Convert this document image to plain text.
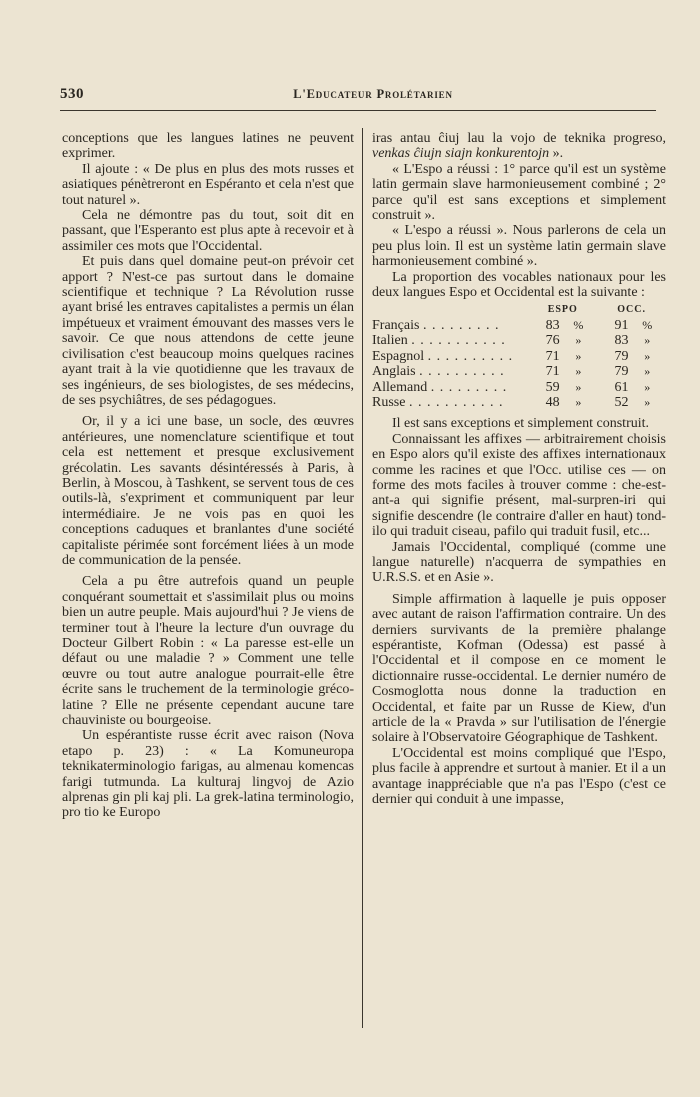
530	L'Educateur Prolétarien

conceptions que les langues latines ne peuvent exprimer.

Il ajoute : « De plus en plus des mots russes et asiatiques pénètreront en Espéranto et cela n'est que tout naturel ».

Cela ne démontre pas du tout, soit dit en passant, que l'Esperanto est plus apte à recevoir et à assimiler ces mots que l'Occidental.

Et puis dans quel domaine peut-on prévoir cet apport ? N'est-ce pas surtout dans le domaine scientifique et technique ? La Révolution russe ayant brisé les entraves capitalistes a permis un élan impétueux et vraiment émouvant des masses vers le savoir. Ce que nous attendons de cette jeune civilisation c'est beaucoup moins quelques racines ayant trait à la vie quotidienne que les travaux de ses ingénieurs, de ses biologistes, de ses médecins, de ses psychiâtres, de ses pédagogues.

Or, il y a ici une base, un socle, des œuvres antérieures, une nomenclature scientifique et tout cela est nettement et presque exclusivement grécolatin. Les savants désintéressés à Paris, à Berlin, à Moscou, à Tashkent, se servent tous de ces outils-là, s'expriment et communiquent par leur intermédiaire. Je ne vois pas en quoi les conceptions caduques et branlantes d'une société capitaliste périmée sont forcément liées à un mode de communication de la pensée.

Cela a pu être autrefois quand un peuple conquérant soumettait et s'assimilait plus ou moins bien un autre peuple. Mais aujourd'hui ? Je viens de terminer tout à l'heure la lecture d'un ouvrage du Docteur Gilbert Robin : « La paresse est-elle un défaut ou une maladie ? » Comment une telle œuvre ou tout autre analogue pourrait-elle être écrite sans le truchement de la terminologie gréco-latine ? Elle ne présente cependant aucune tare chauviniste ou bourgeoise.

Un espérantiste russe écrit avec raison (Nova etapo p. 23) : « La Komuneuropa teknikaterminologio farigas, au almenau komencas farigi tutmunda. La kulturaj lingvoj de Azio alprenas gin pli kaj pli. La grek-latina terminologio, pro tio ke Europo

iras antau ĉiuj lau la vojo de teknika progreso, venkas ĉiujn siajn konkurentojn ».

« L'Espo a réussi : 1° parce qu'il est un système latin germain slave harmonieusement combiné ; 2° parce qu'il est sans exceptions et simplement construit ».

« L'espo a réussi ». Nous parlerons de cela un peu plus loin. Il est un système latin germain slave harmonieusement combiné ».

La proportion des vocables nationaux pour les deux langues Espo et Occidental est la suivante :

	ESPO		OCC.	
Français . . . . . . . . .	83	%	91	%
Italien . . . . . . . . . . .	76	»	83	»
Espagnol . . . . . . . . . .	71	»	79	»
Anglais . . . . . . . . . .	71	»	79	»
Allemand . . . . . . . . .	59	»	61	»
Russe . . . . . . . . . . .	48	»	52	»

Il est sans exceptions et simplement construit.

Connaissant les affixes — arbitrairement choisis en Espo alors qu'il existe des affixes internationaux comme les racines et que l'Occ. utilise ces — on forme des mots faciles à trouver comme : che-est-ant-a qui signifie présent, mal-surpren-iri qui signifie descendre (le contraire d'aller en haut) tond-ilo qui traduit ciseau, pafilo qui traduit fusil, etc...

Jamais l'Occidental, compliqué (comme une langue naturelle) n'acquerra de sympathies en U.R.S.S. et en Asie ».

Simple affirmation à laquelle je puis opposer avec autant de raison l'affirmation contraire. Un des derniers survivants de la première phalange espérantiste, Kofman (Odessa) est passé à l'Occidental et il compose en ce moment le dictionnaire russe-occidental. Le dernier numéro de Cosmoglotta nous donne la traduction en Occidental, et faite par un Russe de Kiew, d'un article de la « Pravda » sur l'utilisation de l'énergie solaire à l'Observatoire Géographique de Tashkent.

L'Occidental est moins compliqué que l'Espo, plus facile à apprendre et surtout à manier. Et il a un avantage inappréciable que n'a pas l'Espo (c'est ce dernier qui conduit à une impasse,
